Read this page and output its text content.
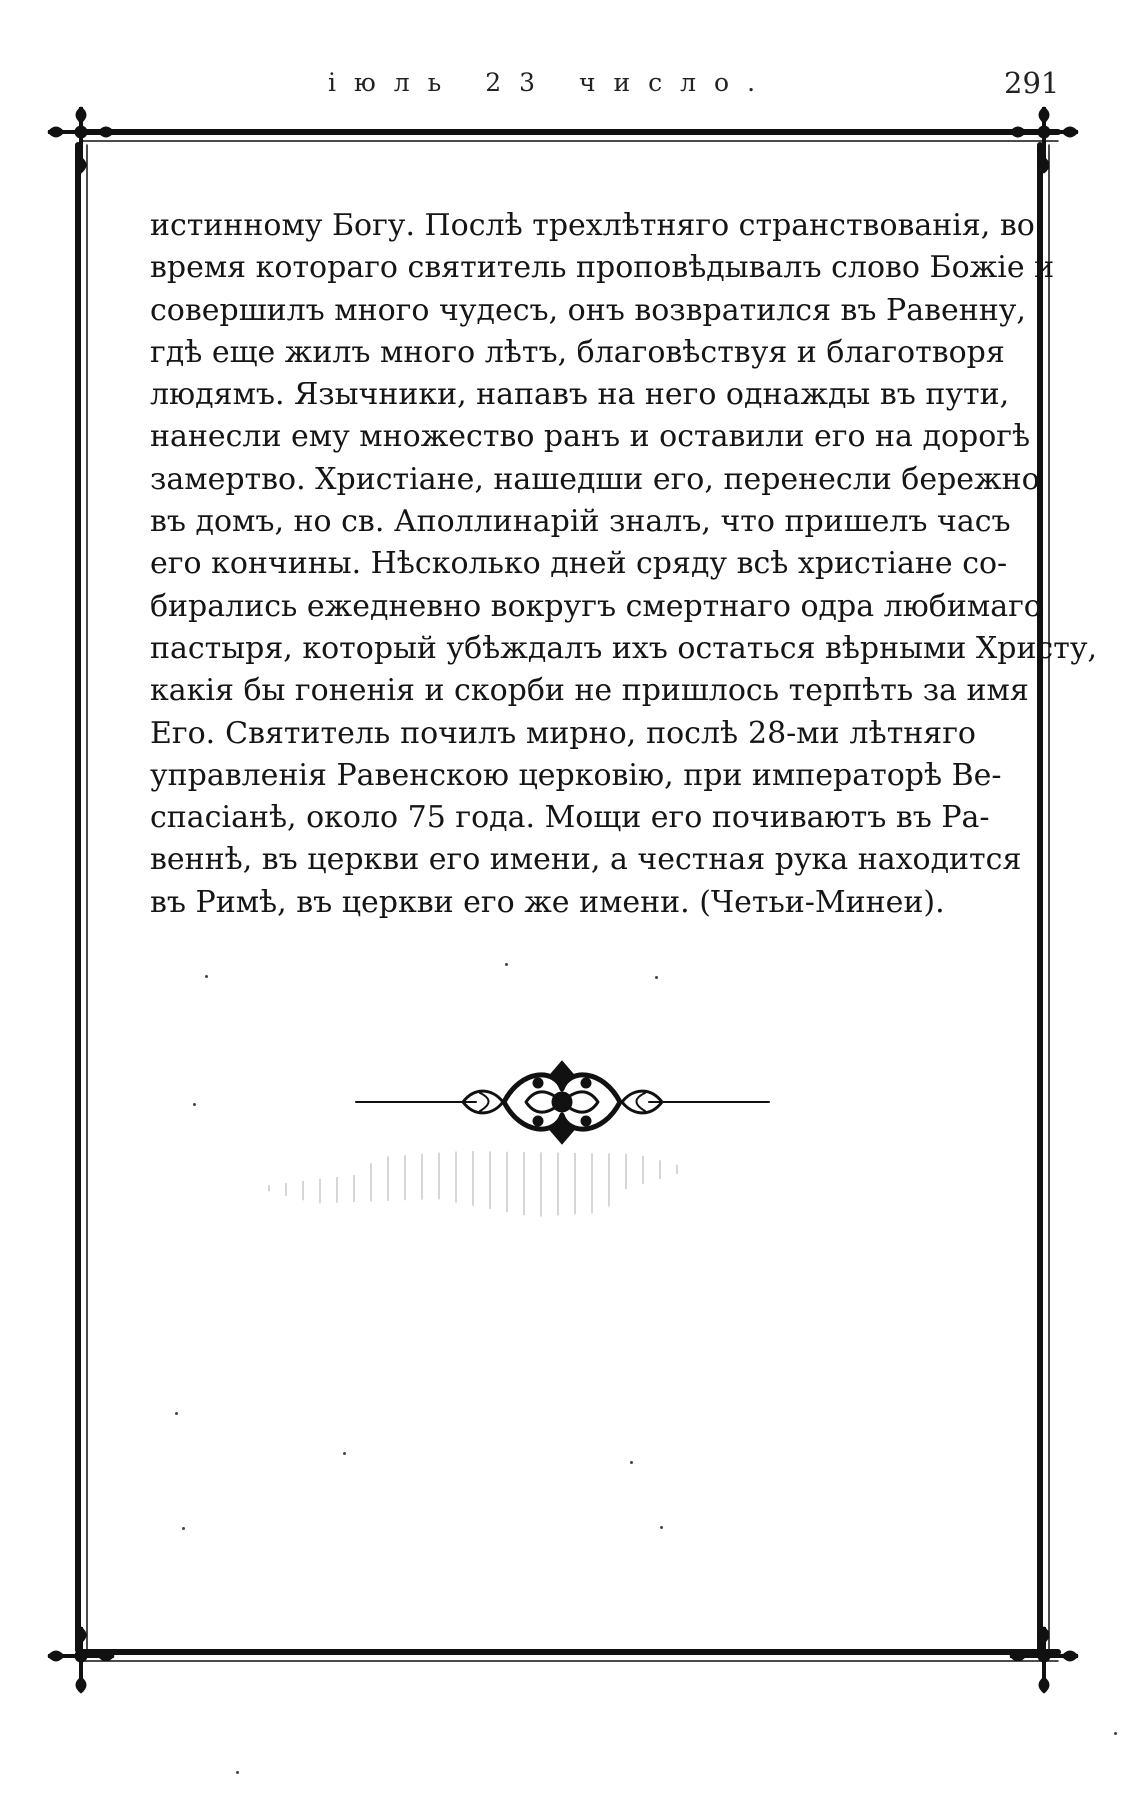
іюль 23 число.	291
истинному Богу. Послѣ трехлѣтняго странствованія, во
время котораго святитель проповѣдывалъ слово Божіе и
совершилъ много чудесъ, онъ возвратился въ Равенну,
гдѣ еще жилъ много лѣтъ, благовѣствуя и благотворя
людямъ. Язычники, напавъ на него однажды въ пути,
нанесли ему множество ранъ и оставили его на дорогѣ
замертво. Христіане, нашедши его, перенесли бережно
въ домъ, но св. Аполлинарій зналъ, что пришелъ часъ
его кончины. Нѣсколько дней сряду всѣ христіане со-
бирались ежедневно вокругъ смертнаго одра любимаго
пастыря, который убѣждалъ ихъ остаться вѣрными Христу,
какія бы гоненія и скорби не пришлось терпѣть за имя
Его. Святитель почилъ мирно, послѣ 28-ми лѣтняго
управленія Равенскою церковію, при императорѣ Ве-
спасіанѣ, около 75 года. Мощи его почиваютъ въ Ра-
веннѣ, въ церкви его имени, а честная рука находится
въ Римѣ, въ церкви его же имени. (Четьи-Минеи).
